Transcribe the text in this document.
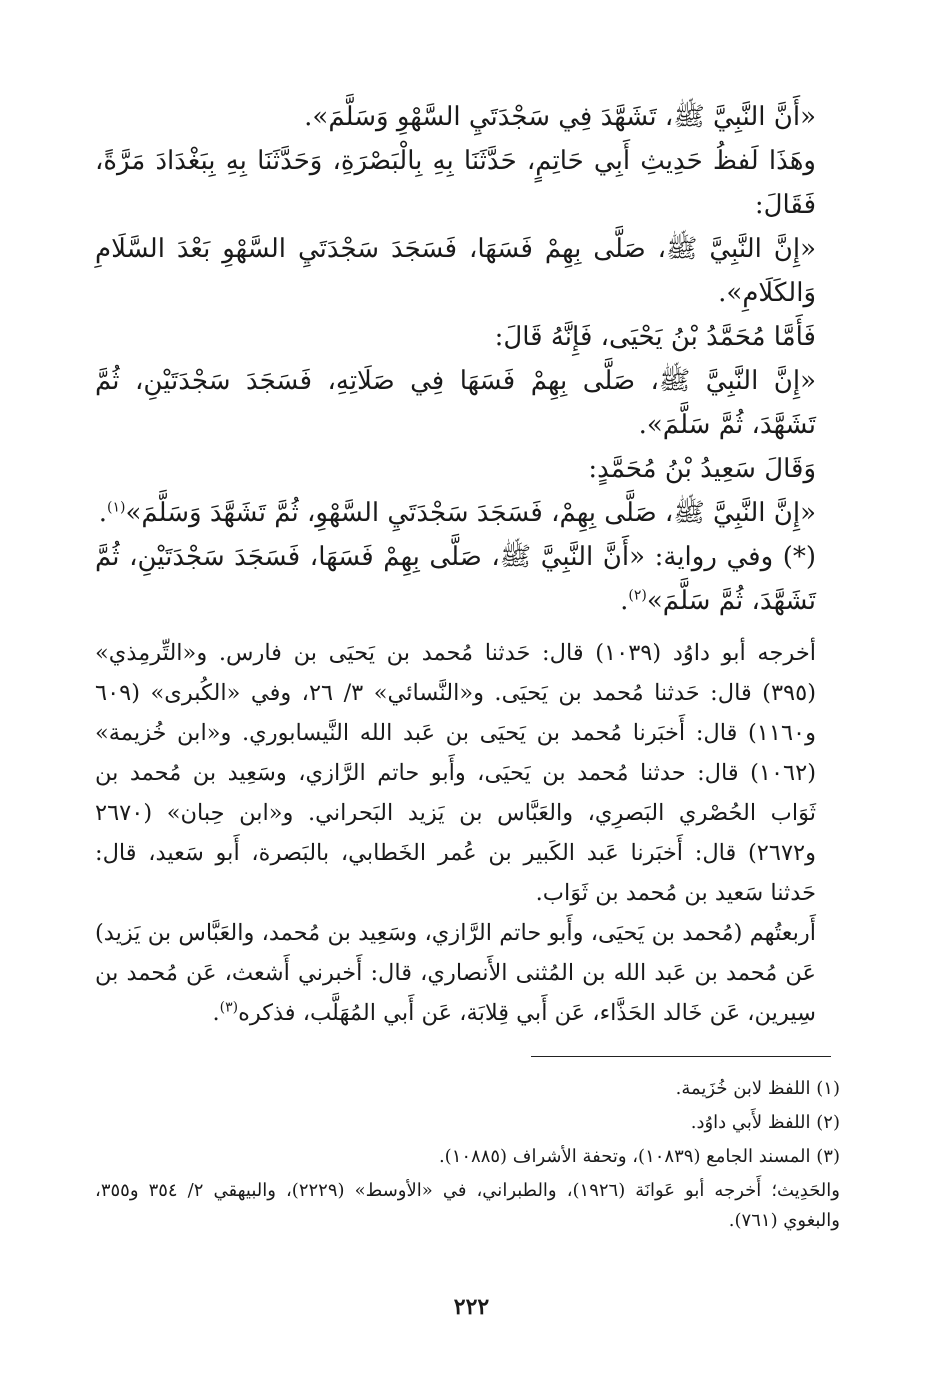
«أَنَّ النَّبِيَّ ﷺ، تَشَهَّدَ فِي سَجْدَتَيِ السَّهْوِ وَسَلَّمَ».

وهَذَا لَفظُ حَدِيثِ أَبِي حَاتِمٍ، حَدَّثَنَا بِهِ بِالْبَصْرَةِ، وَحَدَّثَنَا بِهِ بِبَغْدَادَ مَرَّةً، فَقَالَ:

«إِنَّ النَّبِيَّ ﷺ، صَلَّى بِهِمْ فَسَهَا، فَسَجَدَ سَجْدَتَيِ السَّهْوِ بَعْدَ السَّلَامِ وَالكَلَامِ».

فَأَمَّا مُحَمَّدُ بْنُ يَحْيَى، فَإِنَّهُ قَالَ:

«إِنَّ النَّبِيَّ ﷺ، صَلَّى بِهِمْ فَسَهَا فِي صَلَاتِهِ، فَسَجَدَ سَجْدَتَيْنِ، ثُمَّ تَشَهَّدَ، ثُمَّ سَلَّمَ».

وَقَالَ سَعِيدُ بْنُ مُحَمَّدٍ:

«إِنَّ النَّبِيَّ ﷺ، صَلَّى بِهِمْ، فَسَجَدَ سَجْدَتَيِ السَّهْوِ، ثُمَّ تَشَهَّدَ وَسَلَّمَ»$^{(١)}$.

(*) وفي رواية: «أَنَّ النَّبِيَّ ﷺ، صَلَّى بِهِمْ فَسَهَا، فَسَجَدَ سَجْدَتَيْنِ، ثُمَّ تَشَهَّدَ، ثُمَّ سَلَّمَ»$^{(٢)}$.

أخرجه أبو داوُد (١٠٣٩) قال: حَدثنا مُحمد بن يَحيَى بن فارس. و«التِّرمِذي» (٣٩٥) قال: حَدثنا مُحمد بن يَحيَى. و«النَّسائي» ٣/ ٢٦، وفي «الكُبرى» (٦٠٩ و١١٦٠) قال: أَخبَرنا مُحمد بن يَحيَى بن عَبد الله النَّيسابوري. و«ابن خُزيمة» (١٠٦٢) قال: حدثنا مُحمد بن يَحيَى، وأَبو حاتم الرَّازي، وسَعِيد بن مُحمد بن ثَوَاب الحُصْري البَصرِي، والعَبَّاس بن يَزيد البَحراني. و«ابن حِبان» (٢٦٧٠ و٢٦٧٢) قال: أَخبَرنا عَبد الكَبير بن عُمر الخَطابي، بالبَصرة، أَبو سَعيد، قال: حَدثنا سَعيد بن مُحمد بن ثَوَاب.

أَربعتُهم (مُحمد بن يَحيَى، وأَبو حاتم الرَّازي، وسَعِيد بن مُحمد، والعَبَّاس بن يَزيد) عَن مُحمد بن عَبد الله بن المُثنى الأَنصاري، قال: أَخبرني أَشعث، عَن مُحمد بن سِيرين، عَن خَالد الحَذَّاء، عَن أَبي قِلابَة، عَن أَبي المُهَلَّب، فذكره$^{(٣)}$.

(١) اللفظ لابن خُزَيمة.

(٢) اللفظ لأَبي داوُد.

(٣) المسند الجامع (١٠٨٣٩)، وتحفة الأشراف (١٠٨٨٥).

والحَدِيث؛ أَخرجه أبو عَوانَة (١٩٢٦)، والطبراني، في «الأوسط» (٢٢٢٩)، والبيهقي ٢/ ٣٥٤ و٣٥٥، والبغوي (٧٦١).

٢٢٢
